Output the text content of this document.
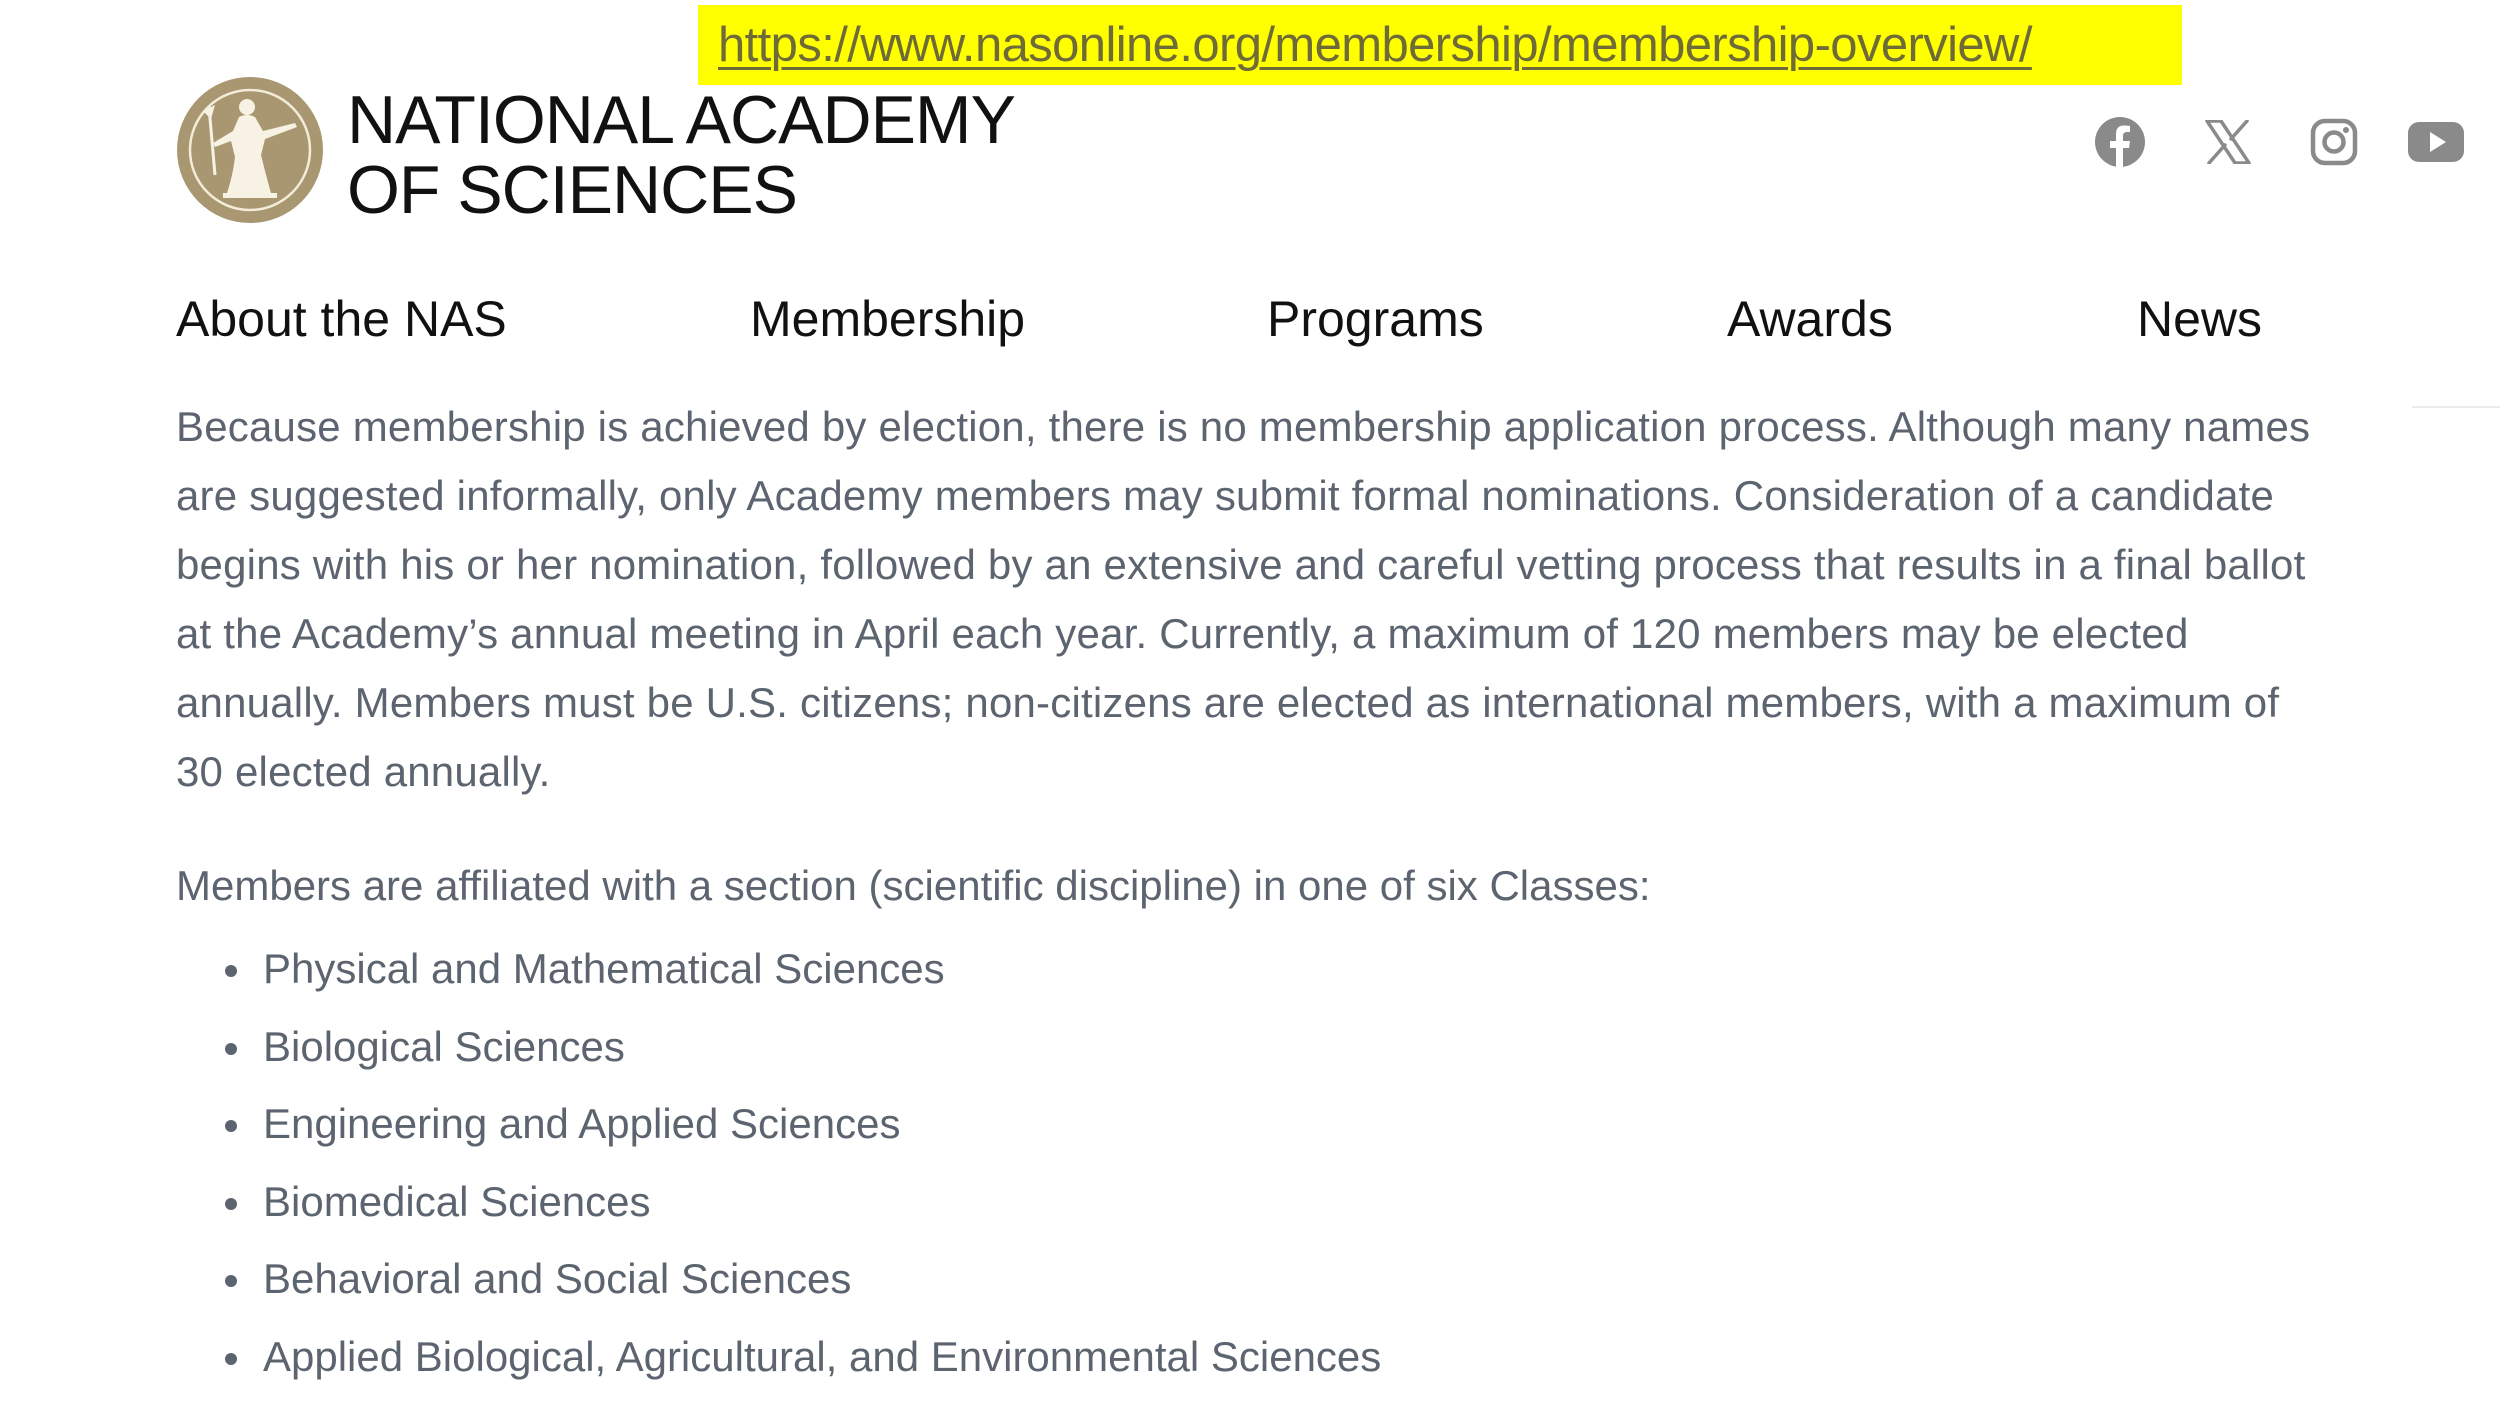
https://www.nasonline.org/membership/membership-overview/
NATIONAL ACADEMY
OF SCIENCES
About the NAS	Membership	Programs	Awards	News

Because membership is achieved by election, there is no membership application process. Although many names are suggested informally, only Academy members may submit formal nominations. Consideration of a candidate begins with his or her nomination, followed by an extensive and careful vetting process that results in a final ballot at the Academy’s annual meeting in April each year. Currently, a maximum of 120 members may be elected annually. Members must be U.S. citizens; non-citizens are elected as international members, with a maximum of 30 elected annually.

Members are affiliated with a section (scientific discipline) in one of six Classes:

Physical and Mathematical Sciences
Biological Sciences
Engineering and Applied Sciences
Biomedical Sciences
Behavioral and Social Sciences
Applied Biological, Agricultural, and Environmental Sciences
